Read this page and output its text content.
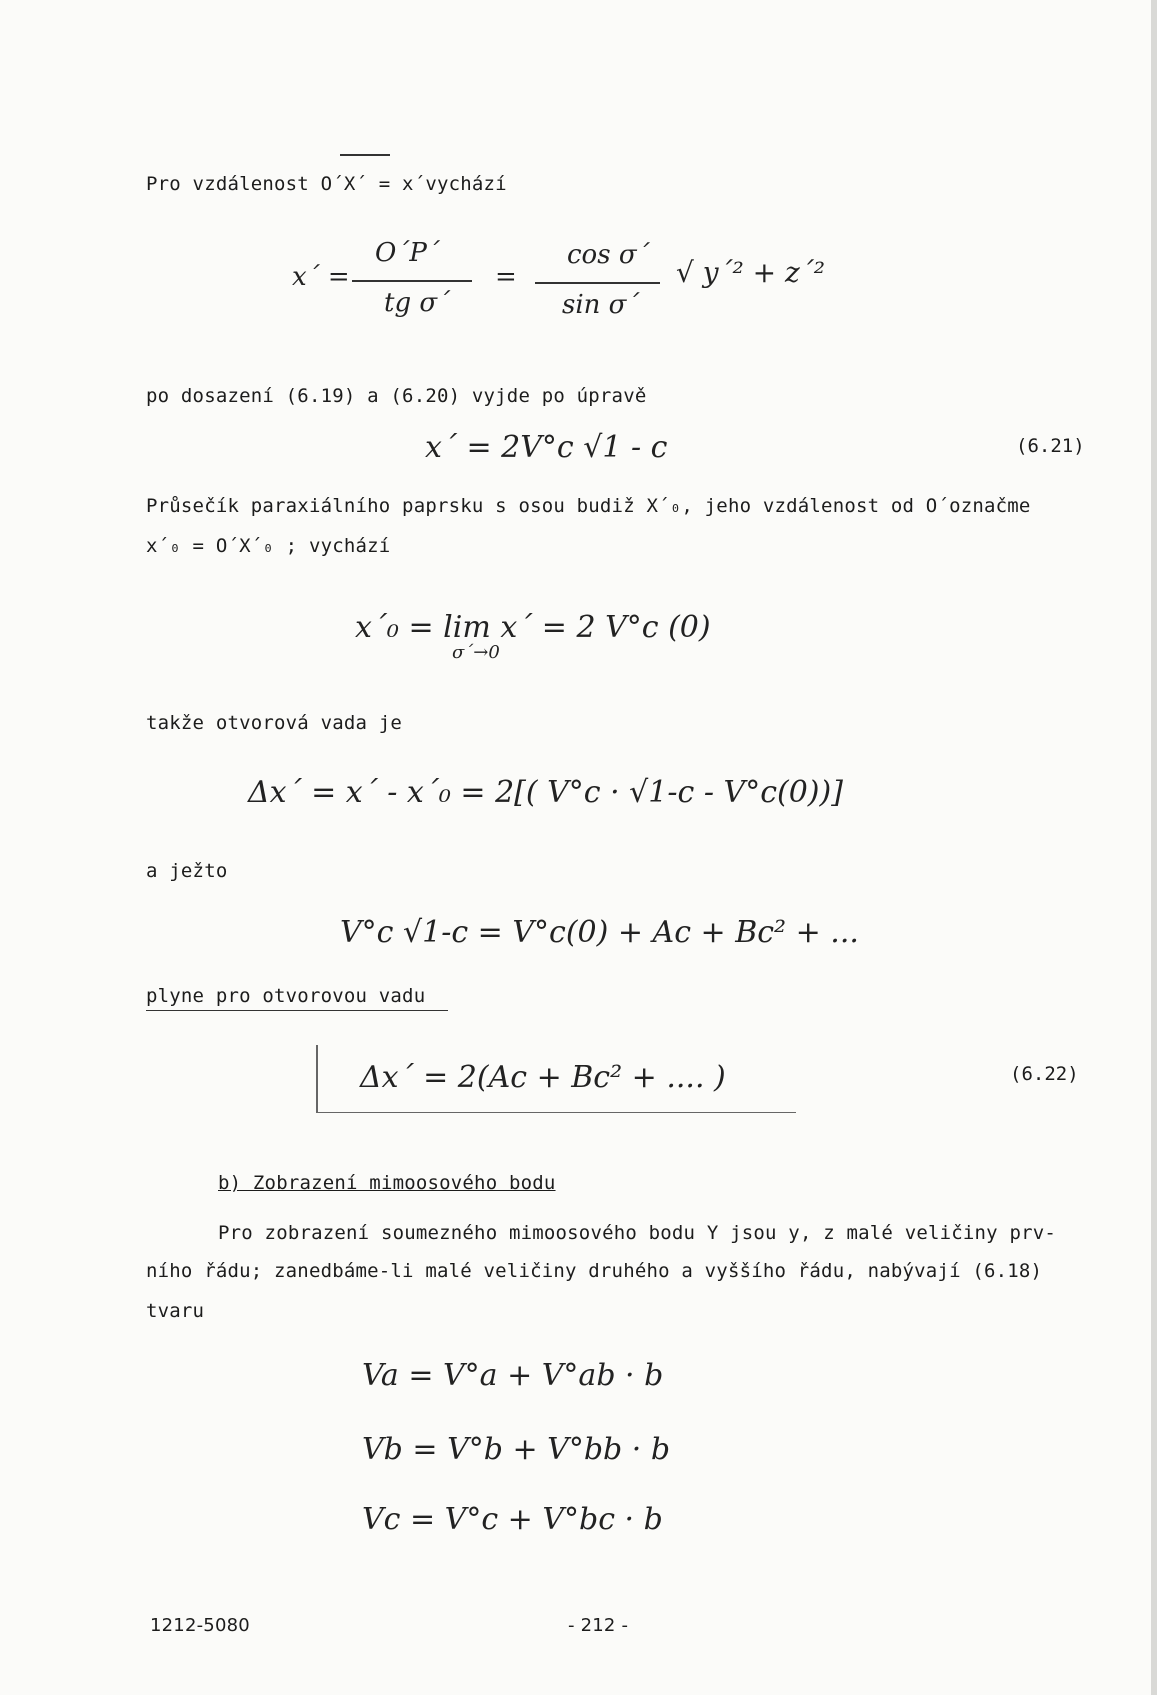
Pro vzdálenost O´X´ = x´vychází
x´ =
O´P´
tg σ´
=
cos σ´
sin σ´
√ y´² + z´²
po dosazení (6.19) a (6.20) vyjde po úpravě
x´ = 2V°c √1 - c	(6.21)
Průsečík paraxiálního paprsku s osou budiž X´₀, jeho vzdálenost od O´označme
x´₀ = O´X´₀ ; vychází
x´₀ = lim x´ = 2 V°c (0)
σ´→0
takže otvorová vada je
Δx´ = x´ - x´₀ = 2[( V°c · √1-c - V°c(0))]
a ježto
V°c √1-c = V°c(0) + Ac + Bc² + ...
plyne pro otvorovou vadu
Δx´ = 2(Ac + Bc² + .... )	(6.22)
b) Zobrazení mimoosového bodu
Pro zobrazení soumezného mimoosového bodu Y jsou y, z malé veličiny prv-
ního řádu; zanedbáme-li malé veličiny druhého a vyššího řádu, nabývají (6.18)
tvaru
Va = V°a + V°ab · b
Vb = V°b + V°bb · b
Vc = V°c + V°bc · b
1212-5080	- 212 -
